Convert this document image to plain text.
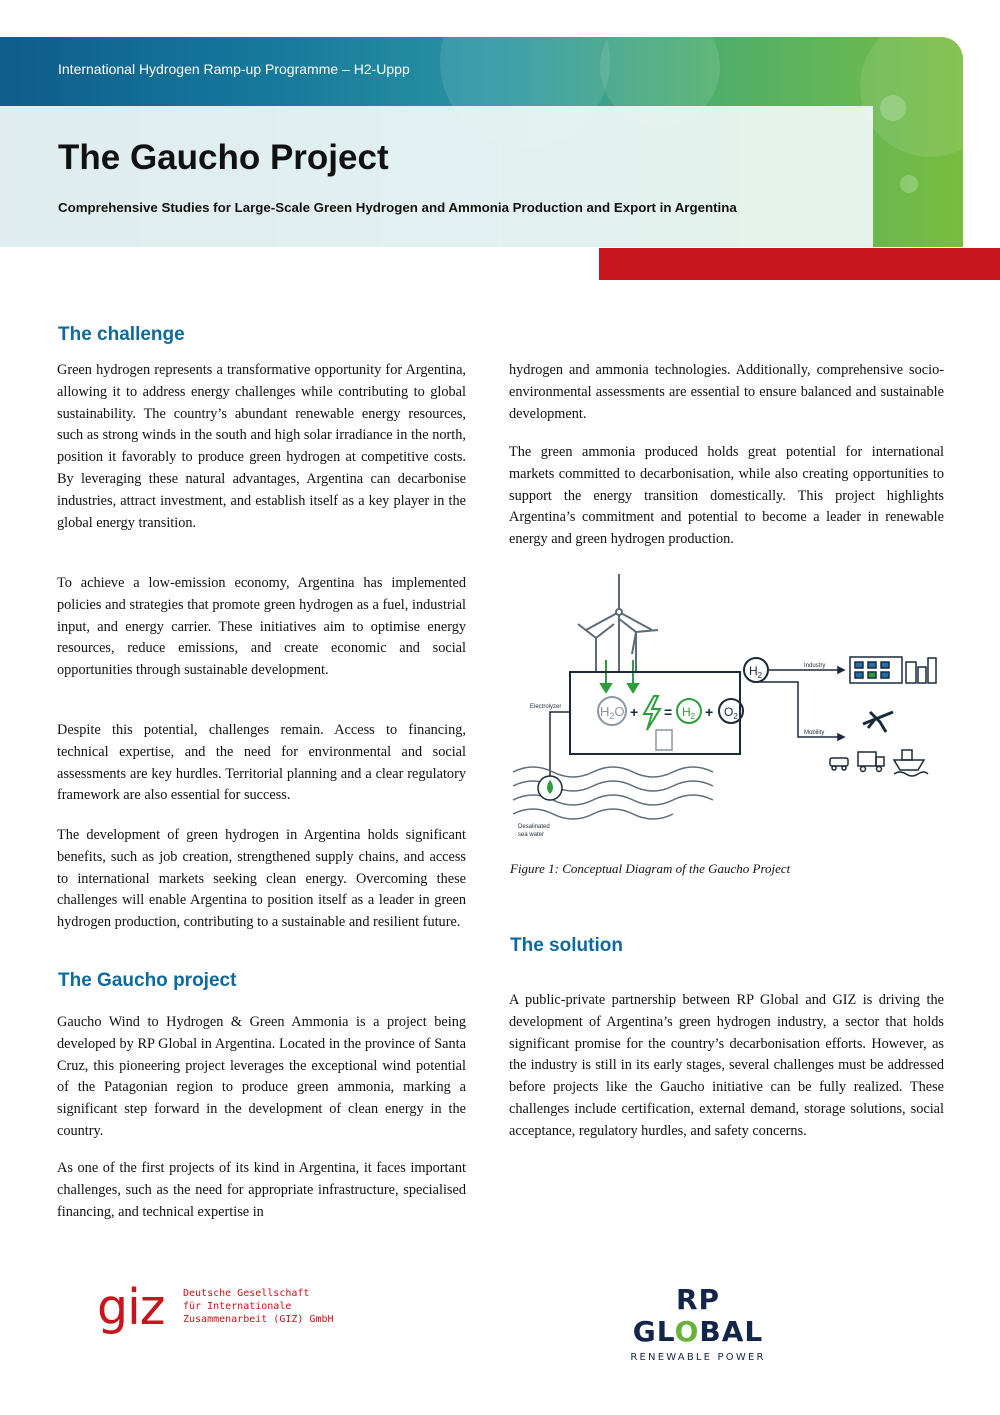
International Hydrogen Ramp-up Programme – H2-Uppp
The Gaucho Project

Comprehensive Studies for Large-Scale Green Hydrogen and Ammonia Production and Export in Argentina

The challenge

Green hydrogen represents a transformative opportunity for Argentina, allowing it to address energy challenges while contributing to global sustainability. The country’s abundant renewable energy resources, such as strong winds in the south and high solar irradiance in the north, position it favorably to produce green hydrogen at competitive costs. By leveraging these natural advantages, Argentina can decarbonise industries, attract investment, and establish itself as a key player in the global energy transition.

To achieve a low-emission economy, Argentina has implemented policies and strategies that promote green hydrogen as a fuel, industrial input, and energy carrier. These initiatives aim to optimise energy resources, reduce emissions, and create economic and social opportunities through sustainable development.

Despite this potential, challenges remain. Access to financing, technical expertise, and the need for environmental and social assessments are key hurdles. Territorial planning and a clear regulatory framework are also essential for success.

The development of green hydrogen in Argentina holds significant benefits, such as job creation, strengthened supply chains, and access to international markets seeking clean energy. Overcoming these challenges will enable Argentina to position itself as a leader in green hydrogen production, contributing to a sustainable and resilient future.

The Gaucho project

Gaucho Wind to Hydrogen & Green Ammonia is a project being developed by RP Global in Argentina. Located in the province of Santa Cruz, this pioneering project leverages the exceptional wind potential of the Patagonian region to produce green ammonia, marking a significant step forward in the development of clean energy in the country.

As one of the first projects of its kind in Argentina, it faces important challenges, such as the need for appropriate infrastructure, specialised financing, and technical expertise in

hydrogen and ammonia technologies. Additionally, comprehensive socio-environmental assessments are essential to ensure balanced and sustainable development.

The green ammonia produced holds great potential for international markets committed to decarbonisation, while also creating opportunities to support the energy transition domestically. This project highlights Argentina’s commitment and potential to become a leader in renewable energy and green hydrogen production.

$H_2O$ + = $H_2 + O_2$
$H_2$
Industry
Mobility
Electrolyzer
Desalinated
sea water

Figure 1: Conceptual Diagram of the Gaucho Project

The solution

A public-private partnership between RP Global and GIZ is driving the development of Argentina’s green hydrogen industry, a sector that holds significant promise for the country’s decarbonisation efforts. However, as the industry is still in its early stages, several challenges must be addressed before projects like the Gaucho initiative can be fully realized. These challenges include certification, external demand, storage solutions, social acceptance, regulatory hurdles, and safety concerns.

giz Deutsche Gesellschaft
für Internationale
Zusammenarbeit (GIZ) GmbH
RP GLOBAL
RENEWABLE POWER
